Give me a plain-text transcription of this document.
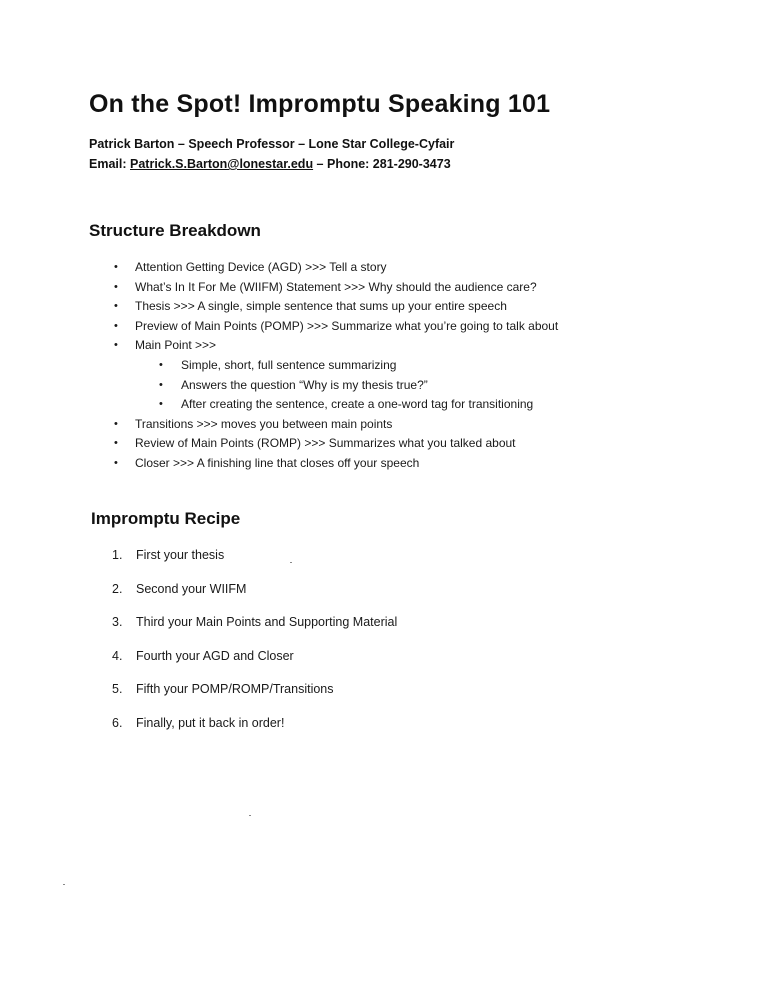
On the Spot! Impromptu Speaking 101
Patrick Barton – Speech Professor – Lone Star College-Cyfair
Email: Patrick.S.Barton@lonestar.edu – Phone: 281-290-3473
Structure Breakdown
• Attention Getting Device (AGD) >>> Tell a story
• What’s In It For Me (WIIFM) Statement >>> Why should the audience care?
• Thesis >>> A single, simple sentence that sums up your entire speech
• Preview of Main Points (POMP) >>> Summarize what you’re going to talk about
• Main Point >>>
• Simple, short, full sentence summarizing
• Answers the question “Why is my thesis true?”
• After creating the sentence, create a one-word tag for transitioning
• Transitions >>> moves you between main points
• Review of Main Points (ROMP) >>> Summarizes what you talked about
• Closer >>> A finishing line that closes off your speech
Impromptu Recipe
1. First your thesis
2. Second your WIIFM
3. Third your Main Points and Supporting Material
4. Fourth your AGD and Closer
5. Fifth your POMP/ROMP/Transitions
6. Finally, put it back in order!
